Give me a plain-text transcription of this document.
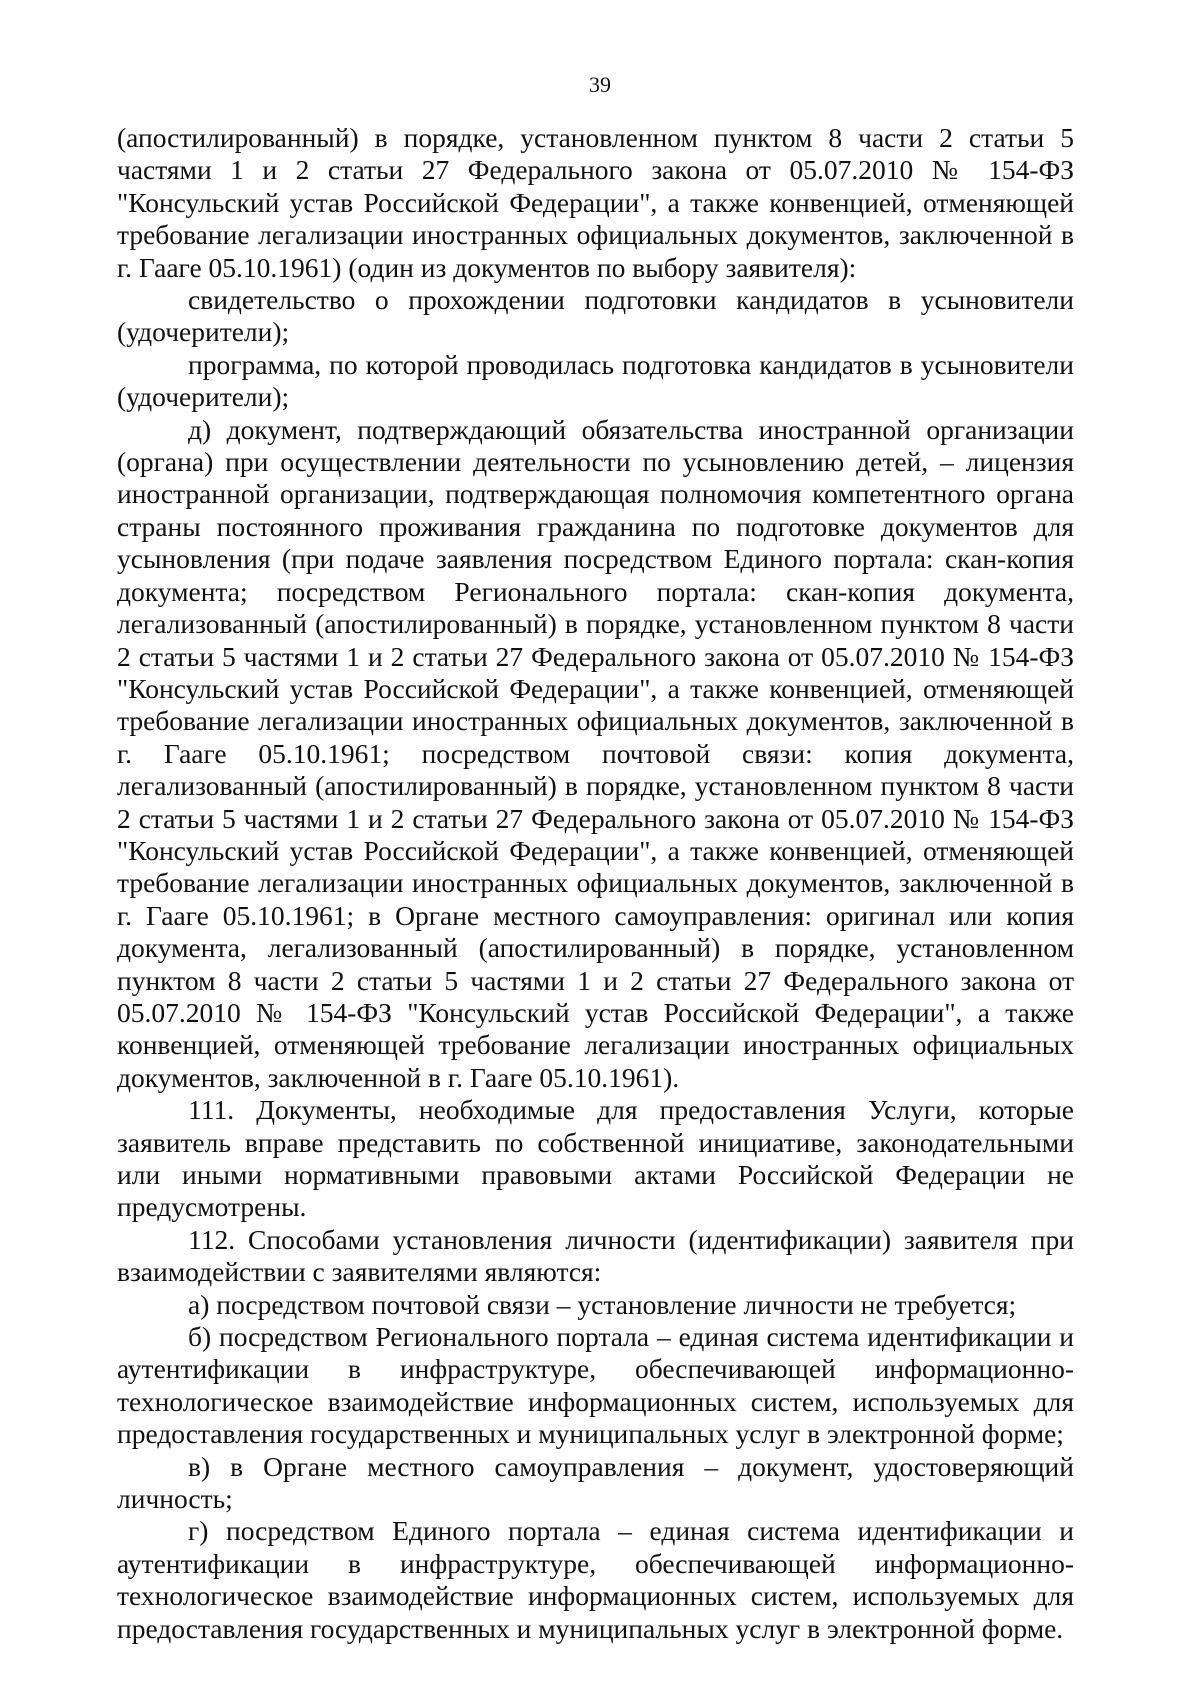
39

(апостилированный) в порядке, установленном пунктом 8 части 2 статьи 5 частями 1 и 2 статьи 27 Федерального закона от 05.07.2010 № 154-ФЗ "Консульский устав Российской Федерации", а также конвенцией, отменяющей требование легализации иностранных официальных документов, заключенной в г. Гааге 05.10.1961) (один из документов по выбору заявителя):

свидетельство о прохождении подготовки кандидатов в усыновители (удочерители);

программа, по которой проводилась подготовка кандидатов в усыновители (удочерители);

д) документ, подтверждающий обязательства иностранной организации (органа) при осуществлении деятельности по усыновлению детей, – лицензия иностранной организации, подтверждающая полномочия компетентного органа страны постоянного проживания гражданина по подготовке документов для усыновления (при подаче заявления посредством Единого портала: скан-копия документа; посредством Регионального портала: скан-копия документа, легализованный (апостилированный) в порядке, установленном пунктом 8 части 2 статьи 5 частями 1 и 2 статьи 27 Федерального закона от 05.07.2010 № 154-ФЗ "Консульский устав Российской Федерации", а также конвенцией, отменяющей требование легализации иностранных официальных документов, заключенной в г. Гааге 05.10.1961; посредством почтовой связи: копия документа, легализованный (апостилированный) в порядке, установленном пунктом 8 части 2 статьи 5 частями 1 и 2 статьи 27 Федерального закона от 05.07.2010 № 154-ФЗ "Консульский устав Российской Федерации", а также конвенцией, отменяющей требование легализации иностранных официальных документов, заключенной в г. Гааге 05.10.1961; в Органе местного самоуправления: оригинал или копия документа, легализованный (апостилированный) в порядке, установленном пунктом 8 части 2 статьи 5 частями 1 и 2 статьи 27 Федерального закона от 05.07.2010 № 154-ФЗ "Консульский устав Российской Федерации", а также конвенцией, отменяющей требование легализации иностранных официальных документов, заключенной в г. Гааге 05.10.1961).

111. Документы, необходимые для предоставления Услуги, которые заявитель вправе представить по собственной инициативе, законодательными или иными нормативными правовыми актами Российской Федерации не предусмотрены.

112. Способами установления личности (идентификации) заявителя при взаимодействии с заявителями являются:

а) посредством почтовой связи – установление личности не требуется;

б) посредством Регионального портала – единая система идентификации и аутентификации в инфраструктуре, обеспечивающей информационно-технологическое взаимодействие информационных систем, используемых для предоставления государственных и муниципальных услуг в электронной форме;

в) в Органе местного самоуправления – документ, удостоверяющий личность;

г) посредством Единого портала – единая система идентификации и аутентификации в инфраструктуре, обеспечивающей информационно-технологическое взаимодействие информационных систем, используемых для предоставления государственных и муниципальных услуг в электронной форме.
